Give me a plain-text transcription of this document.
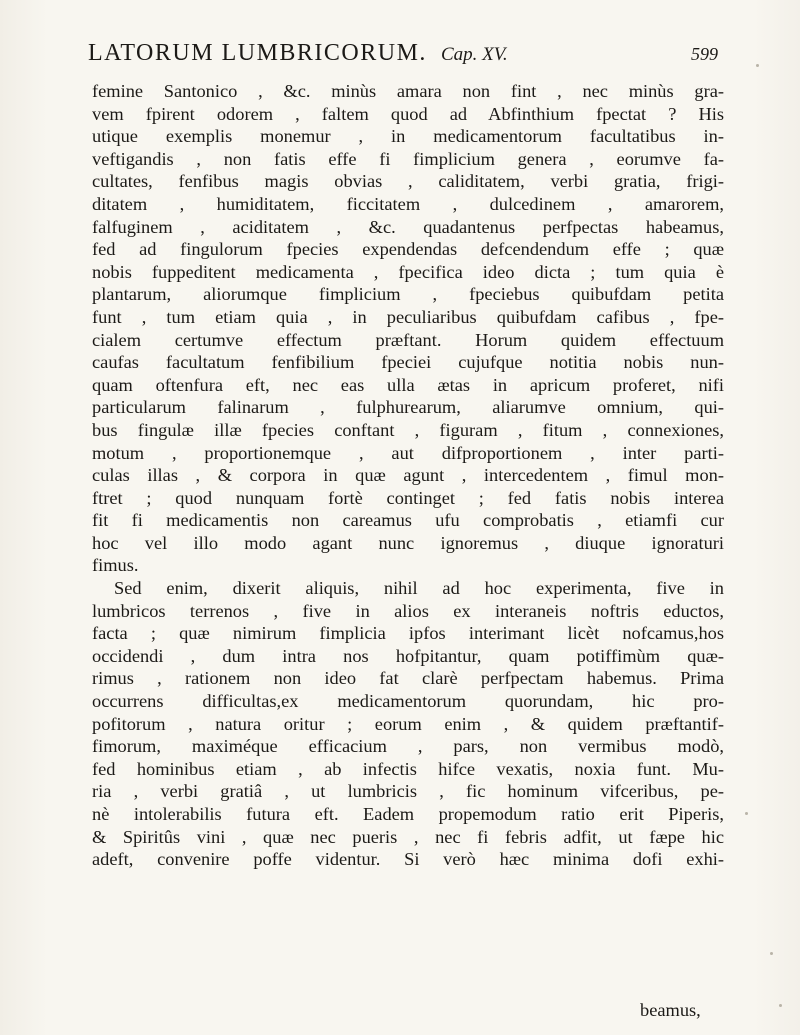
LATORUM LUMBRICORUM. Cap. XV.	599
femine Santonico , &c. minùs amara non fint , nec minùs gra-
vem fpirent odorem , faltem quod ad Abfinthium fpectat ? His
utique exemplis monemur , in medicamentorum facultatibus in-
veftigandis , non fatis effe fi fimplicium genera , eorumve fa-
cultates, fenfibus magis obvias , caliditatem, verbi gratia, frigi-
ditatem , humiditatem, ficcitatem , dulcedinem , amarorem,
falfuginem , aciditatem , &c. quadantenus perfpectas habeamus,
fed ad fingulorum fpecies expendendas defcendendum effe ; quæ
nobis fuppeditent medicamenta , fpecifica ideo dicta ; tum quia è
plantarum, aliorumque fimplicium , fpeciebus quibufdam petita
funt , tum etiam quia , in peculiaribus quibufdam cafibus , fpe-
cialem certumve effectum præftant. Horum quidem effectuum
caufas facultatum fenfibilium fpeciei cujufque notitia nobis nun-
quam oftenfura eft, nec eas ulla ætas in apricum proferet, nifi
particularum falinarum , fulphurearum, aliarumve omnium, qui-
bus fingulæ illæ fpecies conftant , figuram , fitum , connexiones,
motum , proportionemque , aut difproportionem , inter parti-
culas illas , & corpora in quæ agunt , intercedentem , fimul mon-
ftret ; quod nunquam fortè continget ; fed fatis nobis interea
fit fi medicamentis non careamus ufu comprobatis , etiamfi cur
hoc vel illo modo agant nunc ignoremus , diuque ignoraturi
fimus.
Sed enim, dixerit aliquis, nihil ad hoc experimenta, five in
lumbricos terrenos , five in alios ex interaneis noftris eductos,
facta ; quæ nimirum fimplicia ipfos interimant licèt nofcamus,hos
occidendi , dum intra nos hofpitantur, quam potiffimùm quæ-
rimus , rationem non ideo fat clarè perfpectam habemus. Prima
occurrens difficultas,ex medicamentorum quorundam, hic pro-
pofitorum , natura oritur ; eorum enim , & quidem præftantif-
fimorum, maximéque efficacium , pars, non vermibus modò,
fed hominibus etiam , ab infectis hifce vexatis, noxia funt. Mu-
ria , verbi gratiâ , ut lumbricis , fic hominum vifceribus, pe-
nè intolerabilis futura eft. Eadem propemodum ratio erit Piperis,
& Spiritûs vini , quæ nec pueris , nec fi febris adfit, ut fæpe hic
adeft, convenire poffe videntur. Si verò hæc minima dofi exhi-
beamus,
